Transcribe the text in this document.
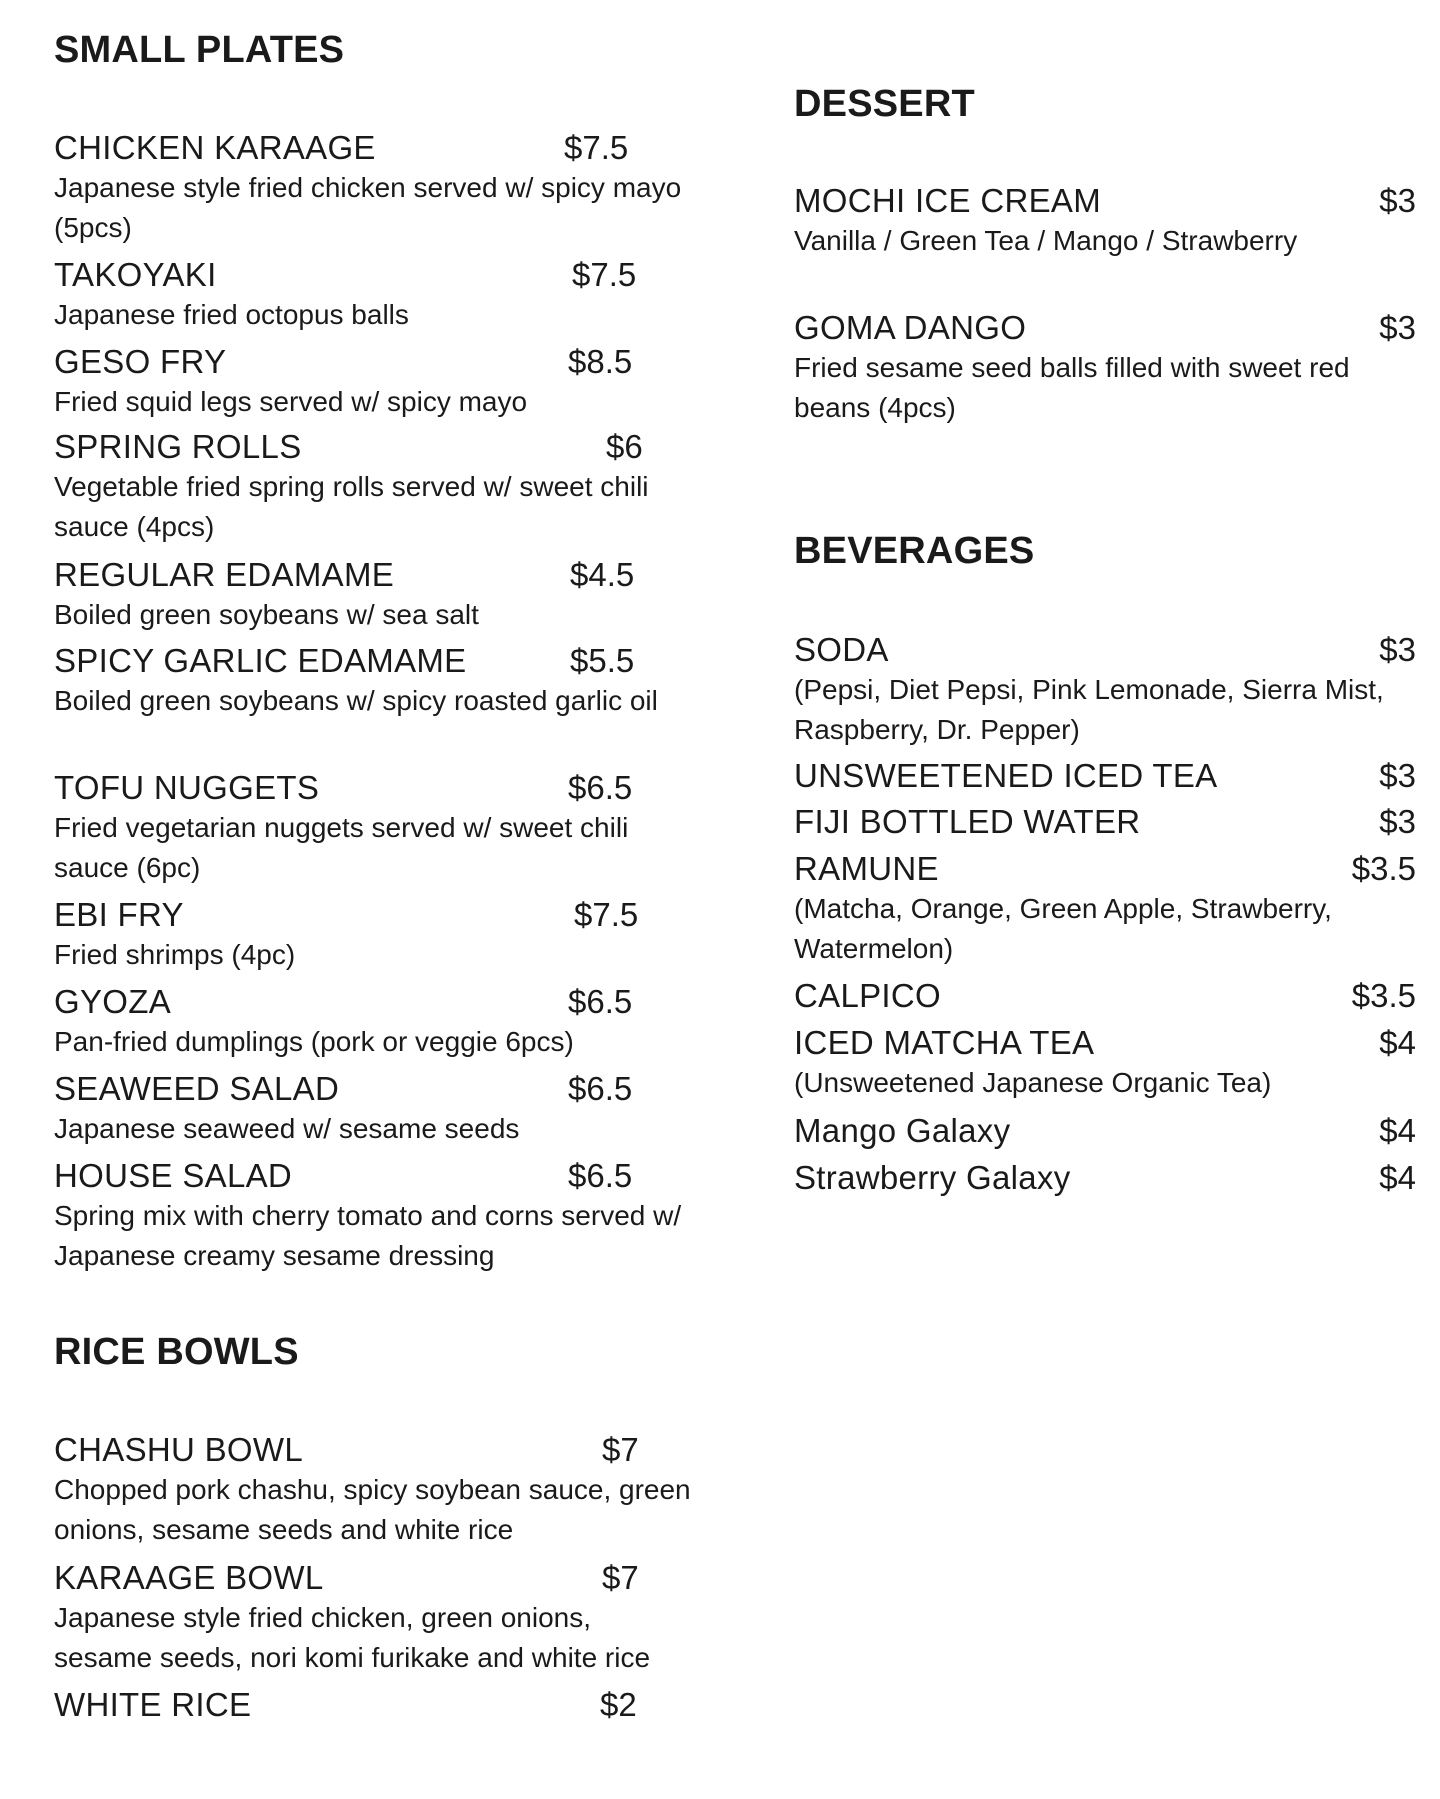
SMALL PLATES
CHICKEN KARAAGE	$7.5
Japanese style fried chicken served w/ spicy mayo (5pcs)
TAKOYAKI	$7.5
Japanese fried octopus balls
GESO FRY	$8.5
Fried squid legs served w/ spicy mayo
SPRING ROLLS	$6
Vegetable fried spring rolls served w/ sweet chili sauce (4pcs)
REGULAR EDAMAME	$4.5
Boiled green soybeans w/ sea salt
SPICY GARLIC EDAMAME	$5.5
Boiled green soybeans w/ spicy roasted garlic oil
TOFU NUGGETS	$6.5
Fried vegetarian nuggets served w/ sweet chili sauce (6pc)
EBI FRY	$7.5
Fried shrimps (4pc)
GYOZA	$6.5
Pan-fried dumplings (pork or veggie 6pcs)
SEAWEED SALAD	$6.5
Japanese seaweed w/ sesame seeds
HOUSE SALAD	$6.5
Spring mix with cherry tomato and corns served w/ Japanese creamy sesame dressing
RICE BOWLS
CHASHU BOWL	$7
Chopped pork chashu, spicy soybean sauce, green onions, sesame seeds and white rice
KARAAGE BOWL	$7
Japanese style fried chicken, green onions, sesame seeds, nori komi furikake and white rice
WHITE RICE	$2
DESSERT
MOCHI ICE CREAM	$3
Vanilla / Green Tea / Mango / Strawberry
GOMA DANGO	$3
Fried sesame seed balls filled with sweet red beans (4pcs)
BEVERAGES
SODA	$3
(Pepsi, Diet Pepsi, Pink Lemonade, Sierra Mist, Raspberry, Dr. Pepper)
UNSWEETENED ICED TEA	$3
FIJI BOTTLED WATER	$3
RAMUNE	$3.5
(Matcha, Orange, Green Apple, Strawberry, Watermelon)
CALPICO	$3.5
ICED MATCHA TEA	$4
(Unsweetened Japanese Organic Tea)
Mango Galaxy	$4
Strawberry Galaxy	$4
